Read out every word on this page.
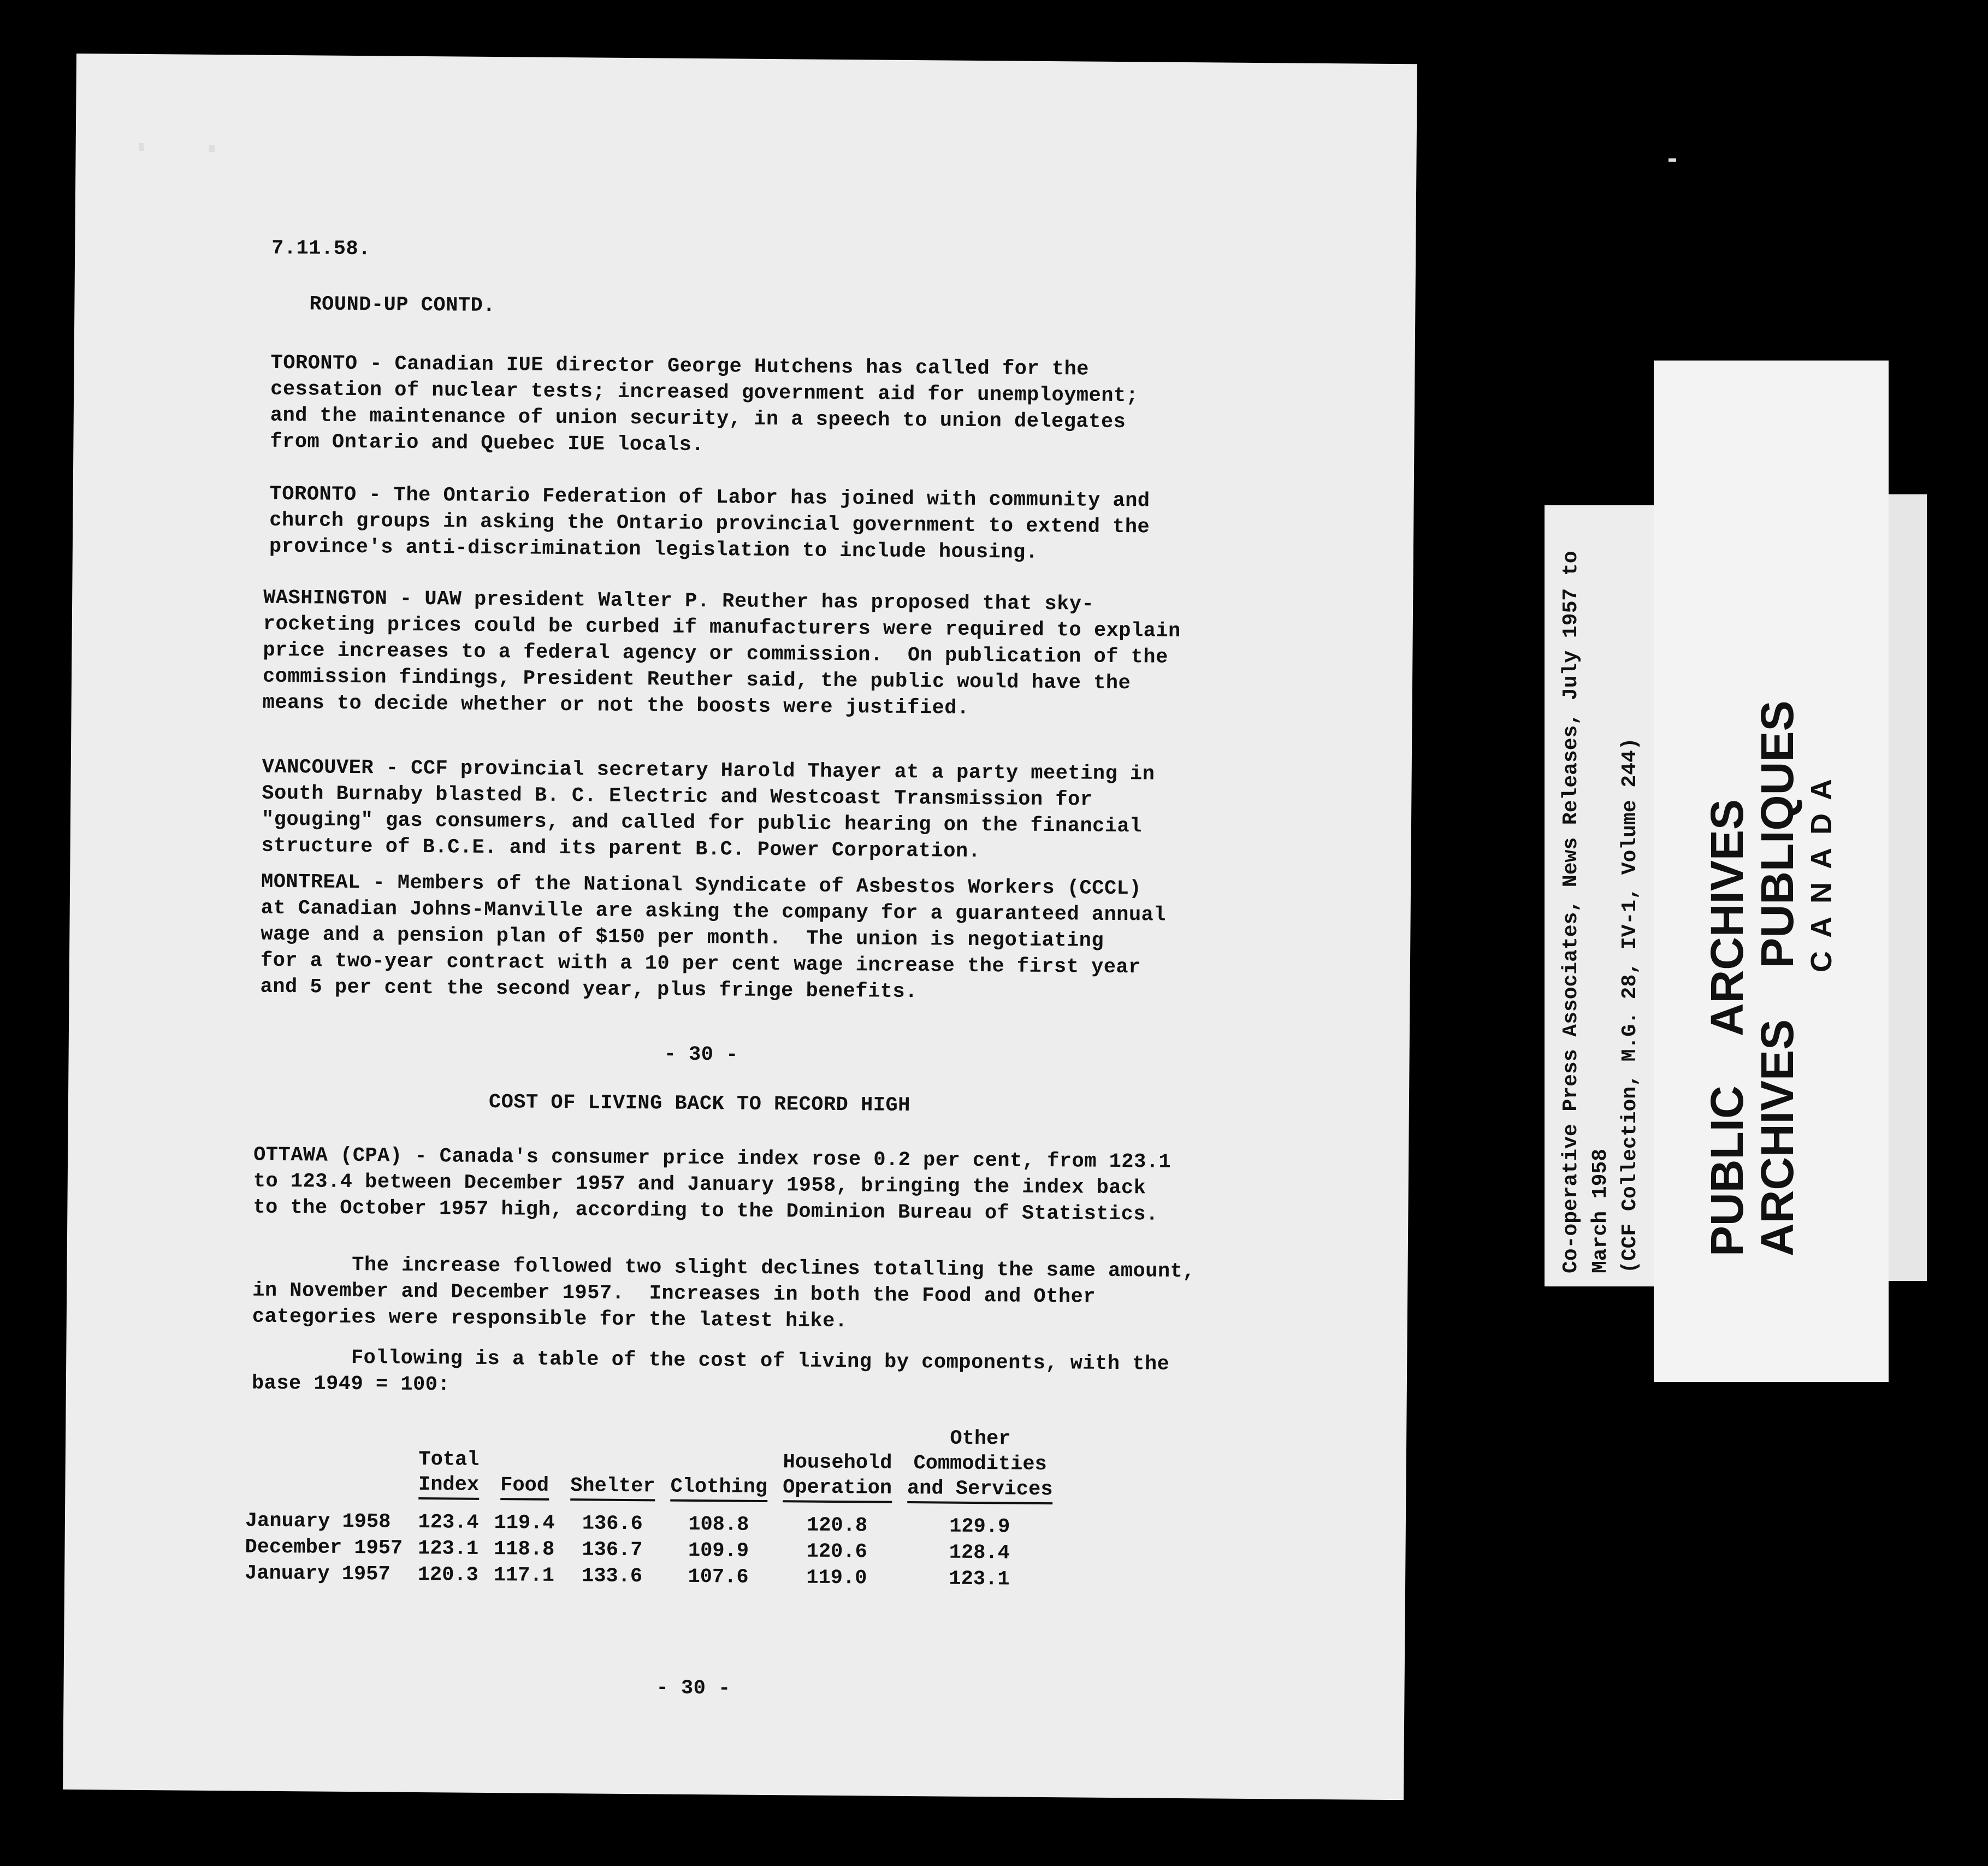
7.11.58.
ROUND-UP CONTD.
TORONTO - Canadian IUE director George Hutchens has called for the
cessation of nuclear tests; increased government aid for unemployment;
and the maintenance of union security, in a speech to union delegates
from Ontario and Quebec IUE locals.
TORONTO - The Ontario Federation of Labor has joined with community and
church groups in asking the Ontario provincial government to extend the
province's anti-discrimination legislation to include housing.
WASHINGTON - UAW president Walter P. Reuther has proposed that sky-
rocketing prices could be curbed if manufacturers were required to explain
price increases to a federal agency or commission.  On publication of the
commission findings, President Reuther said, the public would have the
means to decide whether or not the boosts were justified.
VANCOUVER - CCF provincial secretary Harold Thayer at a party meeting in
South Burnaby blasted B. C. Electric and Westcoast Transmission for
"gouging" gas consumers, and called for public hearing on the financial
structure of B.C.E. and its parent B.C. Power Corporation.
MONTREAL - Members of the National Syndicate of Asbestos Workers (CCCL)
at Canadian Johns-Manville are asking the company for a guaranteed annual
wage and a pension plan of $150 per month.  The union is negotiating
for a two-year contract with a 10 per cent wage increase the first year
and 5 per cent the second year, plus fringe benefits.
- 30 -
COST OF LIVING BACK TO RECORD HIGH
OTTAWA (CPA) - Canada's consumer price index rose 0.2 per cent, from 123.1
to 123.4 between December 1957 and January 1958, bringing the index back
to the October 1957 high, according to the Dominion Bureau of Statistics.
The increase followed two slight declines totalling the same amount,
in November and December 1957.  Increases in both the Food and Other
categories were responsible for the latest hike.
Following is a table of the cost of living by components, with the
base 1949 = 100:

	Total
Index	Food	Shelter	Clothing	Household
Operation	Other
Commodities
and Services
January 1958	123.4	119.4	136.6	108.8	120.8	129.9
December 1957	123.1	118.8	136.7	109.9	120.6	128.4
January 1957	120.3	117.1	133.6	107.6	119.0	123.1
- 30 -
Co-operative Press Associates, News Releases, July 1957 to March 1958 (CCF Collection, M.G. 28, IV-1, Volume 244) PUBLIC    ARCHIVES
ARCHIVES    PUBLIQUES CANADA
